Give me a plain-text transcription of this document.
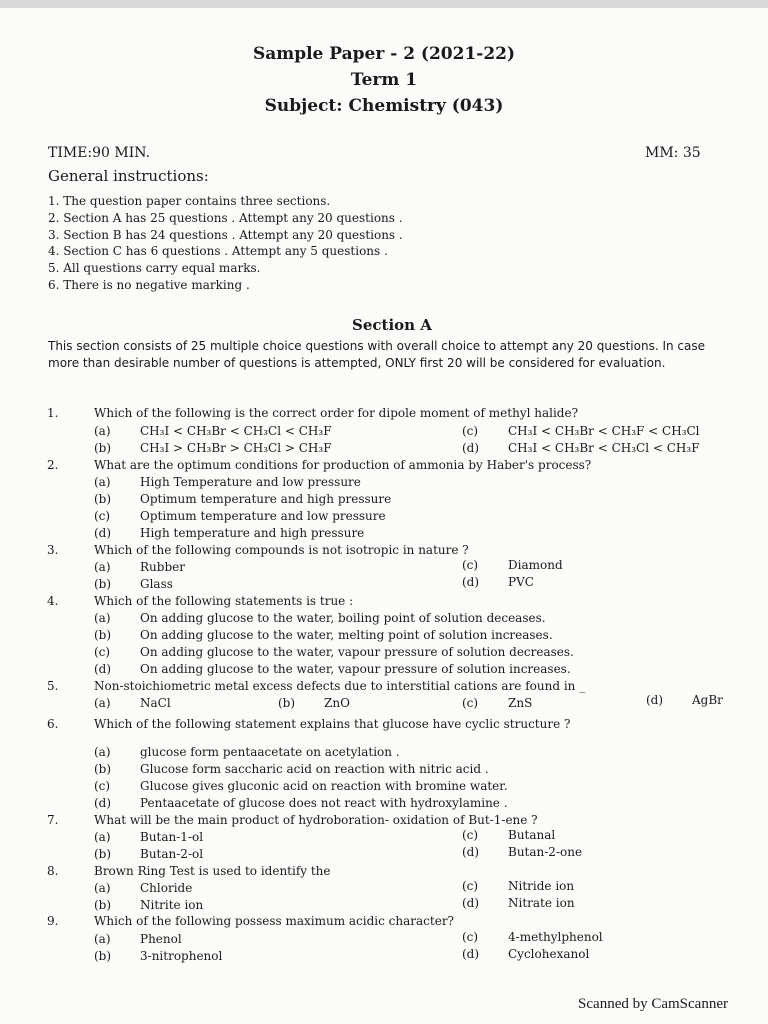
Sample Paper - 2 (2021-22)
Term 1
Subject: Chemistry (043)
TIME:90 MIN.	MM: 35
General instructions:
1. The question paper contains three sections.
2. Section A has 25 questions . Attempt any 20 questions .
3. Section B has 24 questions . Attempt any 20 questions .
4. Section C has 6 questions . Attempt any 5 questions .
5. All questions carry equal marks.
6. There is no negative marking .
Section A
This section consists of 25 multiple choice questions with overall choice to attempt any 20 questions. In case more than desirable number of questions is attempted, ONLY first 20 will be considered for evaluation.
1.	Which of the following is the correct order for dipole moment of methyl halide?
(a) CH₃I < CH₃Br < CH₃Cl < CH₃F	(c) CH₃I < CH₃Br < CH₃F < CH₃Cl
(b) CH₃I > CH₃Br > CH₃Cl > CH₃F	(d) CH₃I < CH₃Br < CH₃Cl < CH₃F
2.	What are the optimum conditions for production of ammonia by Haber's process?
(a) High Temperature and low pressure
(b) Optimum temperature and high pressure
(c) Optimum temperature and low pressure
(d) High temperature and high pressure
3.	Which of the following compounds is not isotropic in nature ?
(a) Rubber	(c) Diamond
(b) Glass	(d) PVC
4.	Which of the following statements is true :
(a) On adding glucose to the water, boiling point of solution deceases.
(b) On adding glucose to the water, melting point of solution increases.
(c) On adding glucose to the water, vapour pressure of solution decreases.
(d) On adding glucose to the water, vapour pressure of solution increases.
5.	Non-stoichiometric metal excess defects due to interstitial cations are found in _
(a) NaCl	(b) ZnO	(c) ZnS	(d) AgBr
6.	Which of the following statement explains that glucose have cyclic structure ?
(a) glucose form pentaacetate on acetylation .
(b) Glucose form saccharic acid on reaction with nitric acid .
(c) Glucose gives gluconic acid on reaction with bromine water.
(d) Pentaacetate of glucose does not react with hydroxylamine .
7.	What will be the main product of hydroboration- oxidation of But-1-ene ?
(a) Butan-1-ol	(c) Butanal
(b) Butan-2-ol	(d) Butan-2-one
8.	Brown Ring Test is used to identify the
(a) Chloride	(c) Nitride ion
(b) Nitrite ion	(d) Nitrate ion
9.	Which of the following possess maximum acidic character?
(a) Phenol	(c) 4-methylphenol
(b) 3-nitrophenol	(d) Cyclohexanol
Scanned by CamScanner
